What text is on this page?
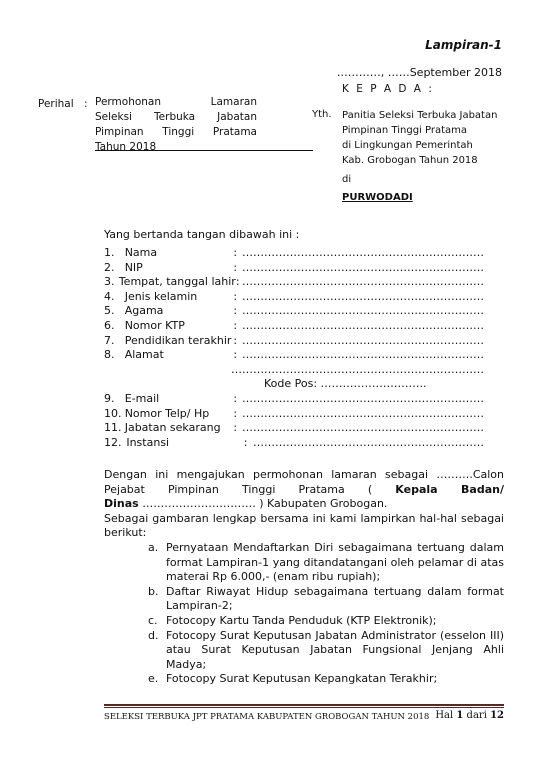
Lampiran-1
…………, ……September 2018
K E P A D A :
Perihal : Permohonan Lamaran
Seleksi Terbuka Jabatan
Pimpinan Tinggi Pratama
Tahun 2018
Yth. Panitia Seleksi Terbuka Jabatan
Pimpinan Tinggi Pratama
di Lingkungan Pemerintah
Kab. Grobogan Tahun 2018
di
PURWODADI
Yang bertanda tangan dibawah ini :
1. Nama	: …………………………………………………………
2. NIP	: …………………………………………………………
3. Tempat, tanggal lahir : …………………………………………………………
4. Jenis kelamin	: …………………………………………………………
5. Agama	: …………………………………………………………
6. Nomor KTP	: …………………………………………………………
7. Pendidikan terakhir : …………………………………………………………
8. Alamat	: …………………………………………………………
……………………………………………………………
Kode Pos: ………………………..
9. E-mail	: …………………………………………………………
10. Nomor Telp/ Hp	: …………………………………………………………
11. Jabatan sekarang	: …………………………………………………………
12. Instansi	: ………………………………………………………
Dengan ini mengajukan permohonan lamaran sebagai ……….Calon
Pejabat Pimpinan Tinggi Pratama ( Kepala Badan/
Dinas …………………………. ) Kabupaten Grobogan.
Sebagai gambaran lengkap bersama ini kami lampirkan hal-hal sebagai
berikut:
a. Pernyataan Mendaftarkan Diri sebagaimana tertuang dalam format Lampiran-1 yang ditandatangani oleh pelamar di atas materai Rp 6.000,- (enam ribu rupiah);
b. Daftar Riwayat Hidup sebagaimana tertuang dalam format Lampiran-2;
c. Fotocopy Kartu Tanda Penduduk (KTP Elektronik);
d. Fotocopy Surat Keputusan Jabatan Administrator (esselon III) atau Surat Keputusan Jabatan Fungsional Jenjang Ahli Madya;
e. Fotocopy Surat Keputusan Kepangkatan Terakhir;
SELEKSI TERBUKA JPT PRATAMA KABUPATEN GROBOGAN TAHUN 2018 Hal 1 dari 12
